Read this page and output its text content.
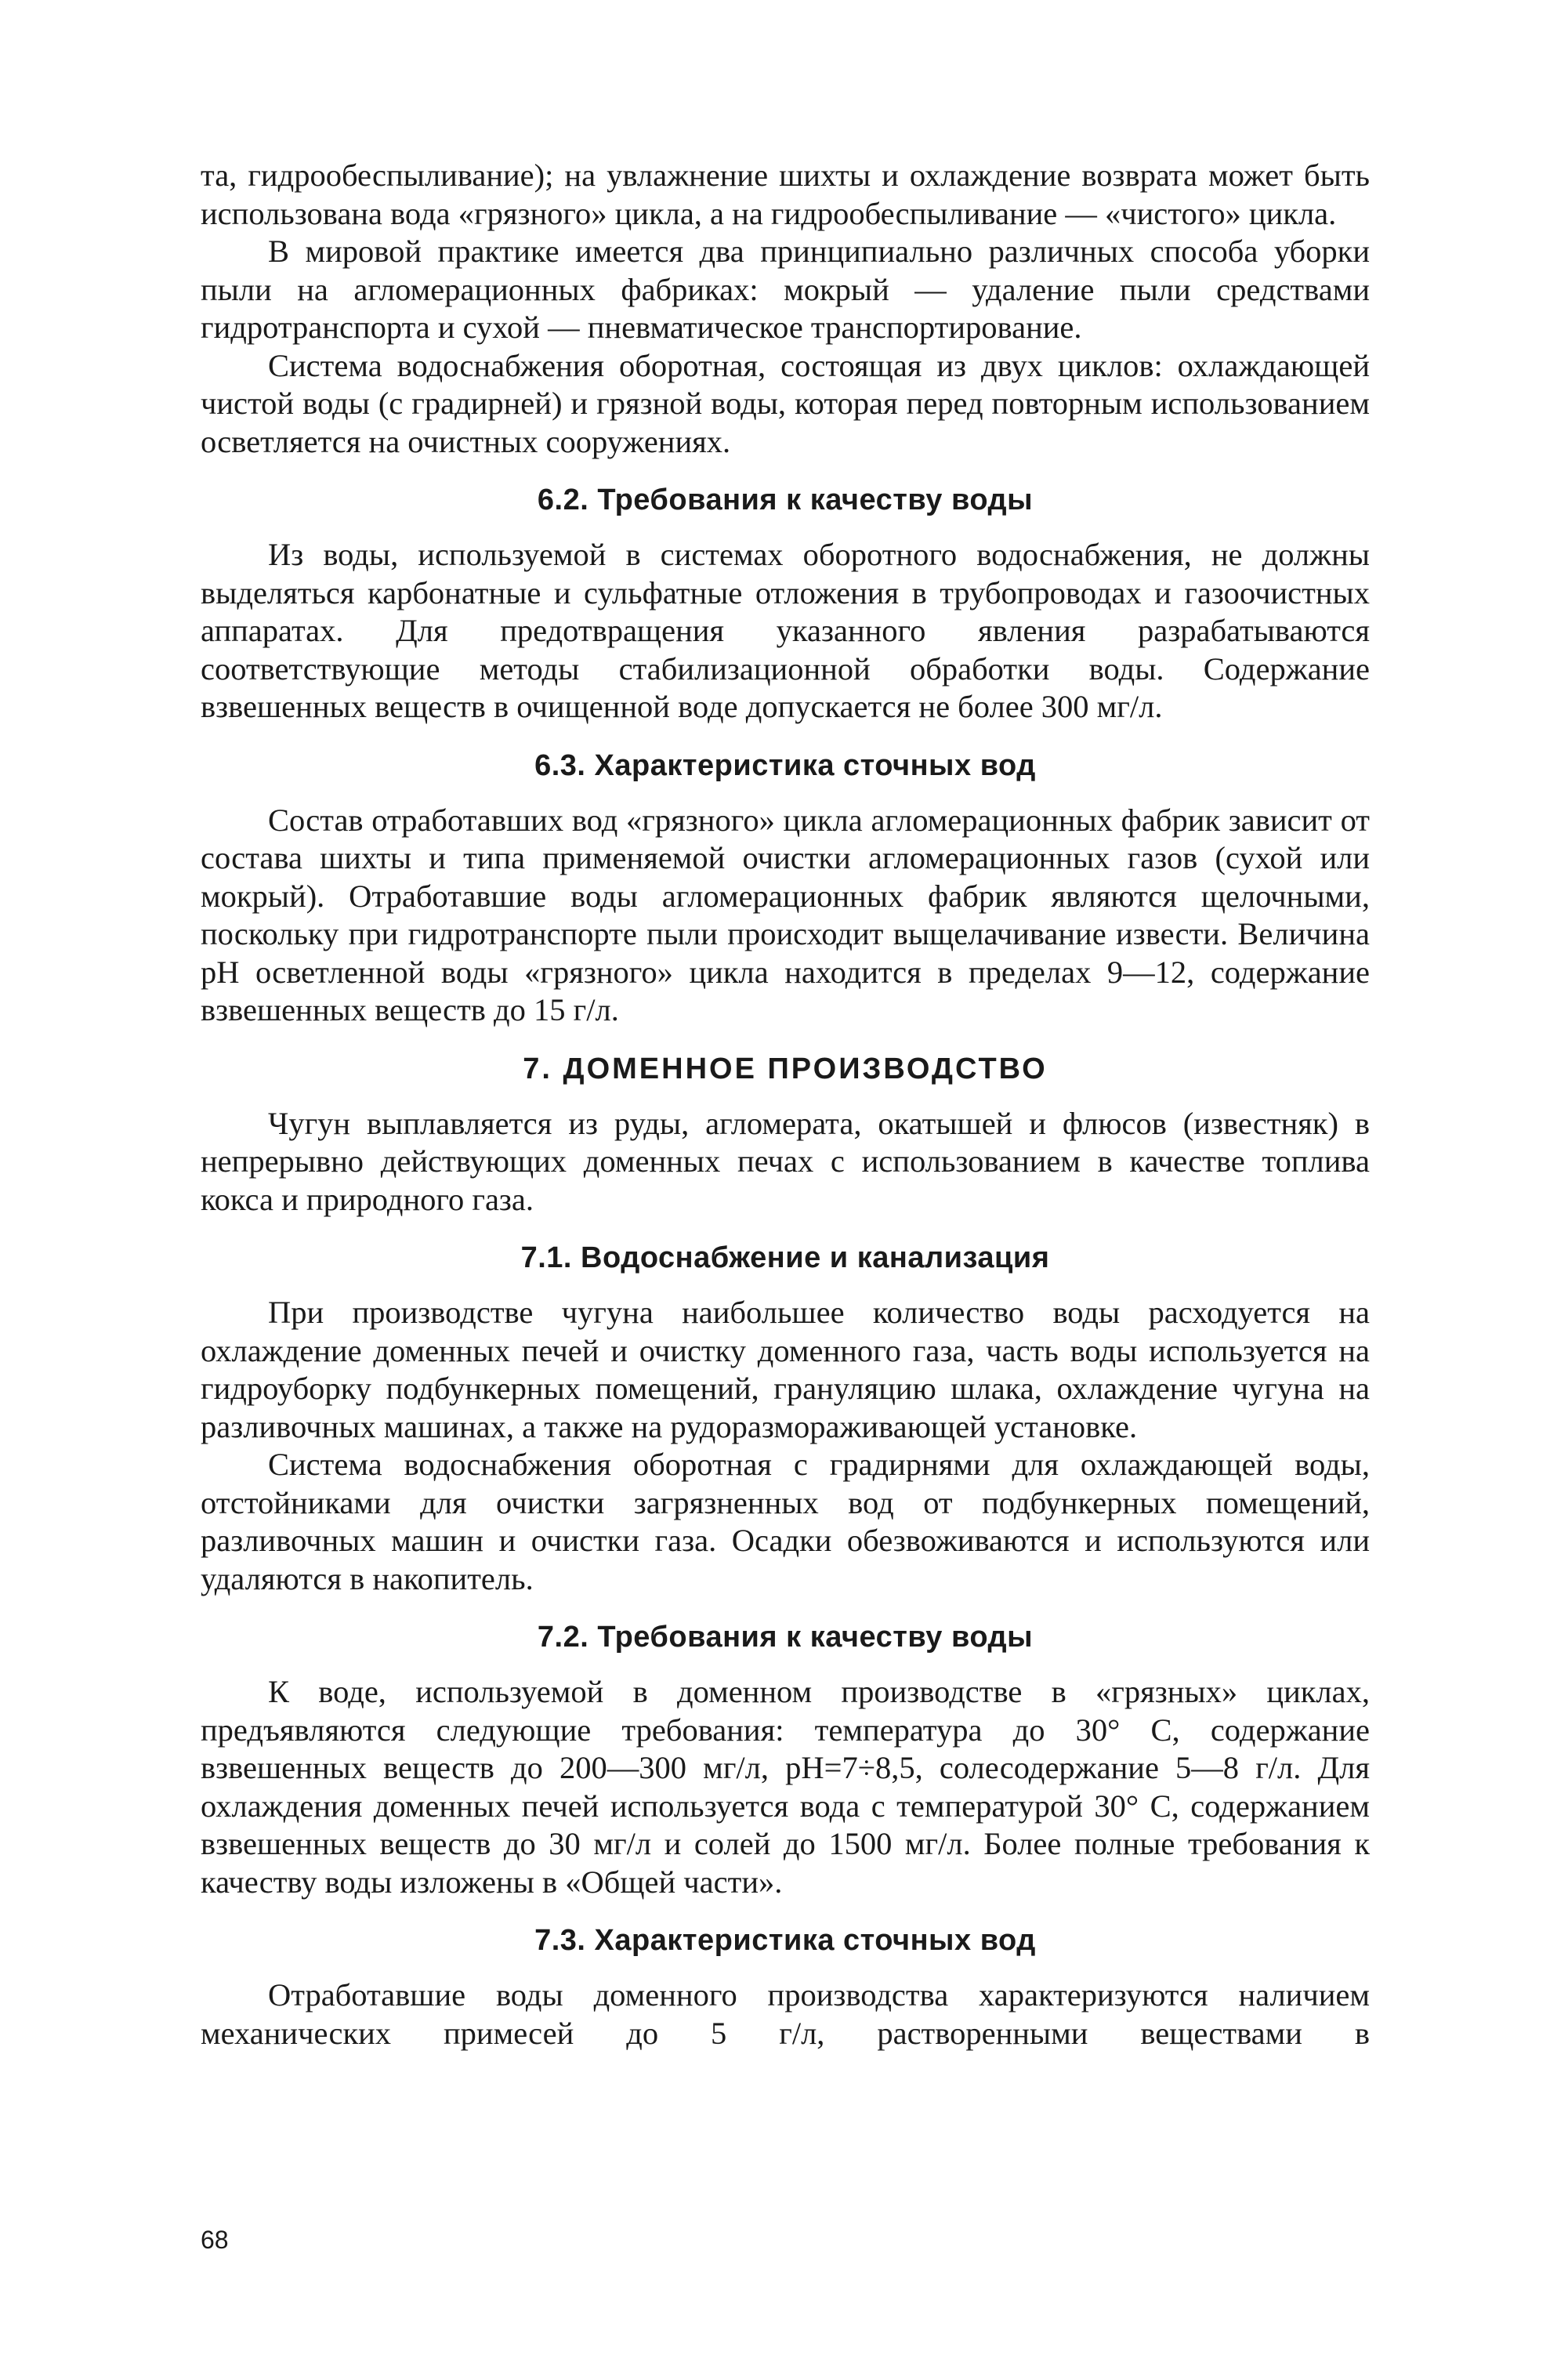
та, гидрообеспыливание); на увлажнение шихты и охлаждение возврата может быть использована вода «грязного» цикла, а на гидрообеспыливание — «чистого» цикла.

В мировой практике имеется два принципиально различных способа уборки пыли на агломерационных фабриках: мокрый — удаление пыли средствами гидротранспорта и сухой — пневматическое транспортирование.

Система водоснабжения оборотная, состоящая из двух циклов: охлаждающей чистой воды (с градирней) и грязной воды, которая перед повторным использованием осветляется на очистных сооружениях.

6.2. Требования к качеству воды

Из воды, используемой в системах оборотного водоснабжения, не должны выделяться карбонатные и сульфатные отложения в трубопроводах и газоочистных аппаратах. Для предотвращения указанного явления разрабатываются соответствующие методы стабилизационной обработки воды. Содержание взвешенных веществ в очищенной воде допускается не более 300 мг/л.

6.3. Характеристика сточных вод

Состав отработавших вод «грязного» цикла агломерационных фабрик зависит от состава шихты и типа применяемой очистки агломерационных газов (сухой или мокрый). Отработавшие воды агломерационных фабрик являются щелочными, поскольку при гидротранспорте пыли происходит выщелачивание извести. Величина pH осветленной воды «грязного» цикла находится в пределах 9—12, содержание взвешенных веществ до 15 г/л.

7. ДОМЕННОЕ ПРОИЗВОДСТВО

Чугун выплавляется из руды, агломерата, окатышей и флюсов (известняк) в непрерывно действующих доменных печах с использованием в качестве топлива кокса и природного газа.

7.1. Водоснабжение и канализация

При производстве чугуна наибольшее количество воды расходуется на охлаждение доменных печей и очистку доменного газа, часть воды используется на гидроуборку подбункерных помещений, грануляцию шлака, охлаждение чугуна на разливочных машинах, а также на рудоразмораживающей установке.

Система водоснабжения оборотная с градирнями для охлаждающей воды, отстойниками для очистки загрязненных вод от подбункерных помещений, разливочных машин и очистки газа. Осадки обезвоживаются и используются или удаляются в накопитель.

7.2. Требования к качеству воды

К воде, используемой в доменном производстве в «грязных» циклах, предъявляются следующие требования: температура до 30° С, содержание взвешенных веществ до 200—300 мг/л, pH=7÷8,5, солесодержание 5—8 г/л. Для охлаждения доменных печей используется вода с температурой 30° С, содержанием взвешенных веществ до 30 мг/л и солей до 1500 мг/л. Более полные требования к качеству воды изложены в «Общей части».

7.3. Характеристика сточных вод

Отработавшие воды доменного производства характеризуются наличием механических примесей до 5 г/л, растворенными веществами в

68
